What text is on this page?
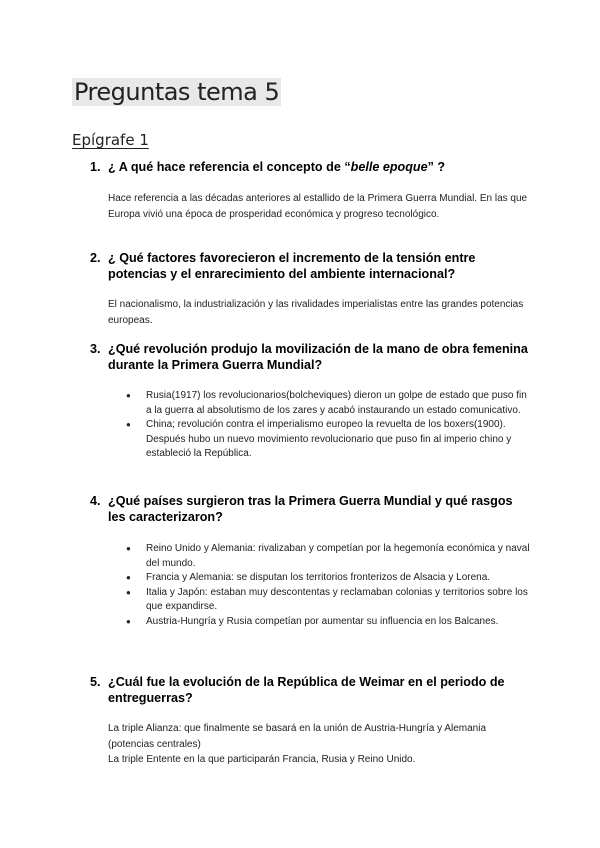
Preguntas tema 5
Epígrafe 1
1. ¿ A qué hace referencia el concepto de “belle epoque” ?

Hace referencia a las décadas anteriores al estallido de la Primera Guerra Mundial. En las que Europa vivió una época de prosperidad económica y progreso tecnológico.

2. ¿ Qué factores favorecieron el incremento de la tensión entre potencias y el enrarecimiento del ambiente internacional?

El nacionalismo, la industrialización y las rivalidades imperialistas entre las grandes potencias europeas.

3. ¿Qué revolución produjo la movilización de la mano de obra femenina durante la Primera Guerra Mundial?
● Rusia(1917) los revolucionarios(bolcheviques) dieron un golpe de estado que puso fin a la guerra al absolutismo de los zares y acabó instaurando un estado comunicativo.
● China; revolución contra el imperialismo europeo la revuelta de los boxers(1900). Después hubo un nuevo movimiento revolucionario que puso fin al imperio chino y estableció la República.
4. ¿Qué países surgieron tras la Primera Guerra Mundial y qué rasgos les caracterizaron?
● Reino Unido y Alemania: rivalizaban y competían por la hegemonía económica y naval del mundo.
● Francia y Alemania: se disputan los territorios fronterizos de Alsacia y Lorena.
● Italia y Japón: estaban muy descontentas y reclamaban colonias y territorios sobre los que expandirse.
● Austria-Hungría y Rusia competían por aumentar su influencia en los Balcanes.
5. ¿Cuál fue la evolución de la República de Weimar en el periodo de entreguerras?

La triple Alianza: que finalmente se basará en la unión de Austria-Hungría y Alemania (potencias centrales)

La triple Entente en la que participarán Francia, Rusia y Reino Unido.
